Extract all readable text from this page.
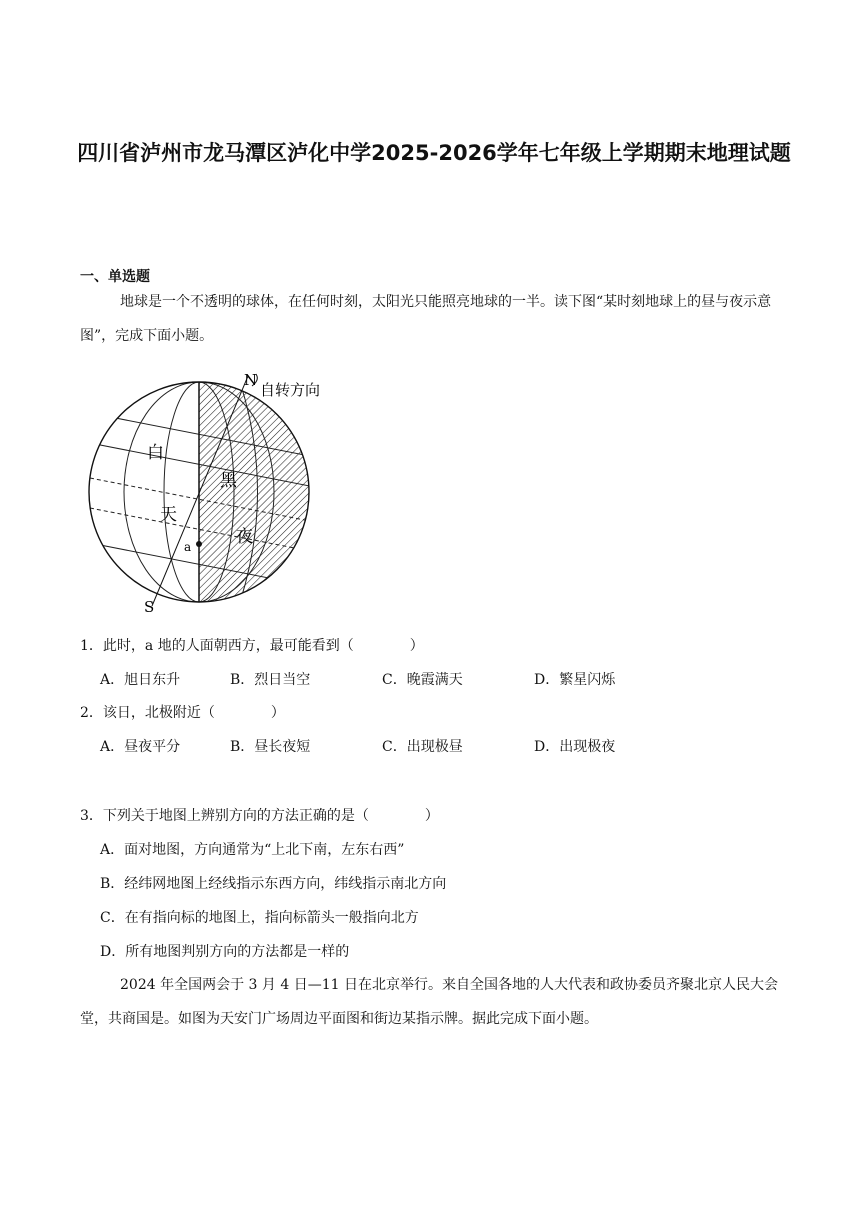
四川省泸州市龙马潭区泸化中学2025-2026学年七年级上学期期末地理试题
一、单选题
地球是一个不透明的球体，在任何时刻，太阳光只能照亮地球的一半。读下图“某时刻地球上的昼与夜示意图”，完成下面小题。
N
自转方向
白
天
黑
夜
a
S
1．此时，a 地的人面朝西方，最可能看到（　　　　）
A．旭日东升	B．烈日当空	C．晚霞满天	D．繁星闪烁
2．该日，北极附近（　　　　）
A．昼夜平分	B．昼长夜短	C．出现极昼	D．出现极夜
3．下列关于地图上辨别方向的方法正确的是（　　　　）
A．面对地图，方向通常为“上北下南，左东右西”
B．经纬网地图上经线指示东西方向，纬线指示南北方向
C．在有指向标的地图上，指向标箭头一般指向北方
D．所有地图判别方向的方法都是一样的
2024 年全国两会于 3 月 4 日—11 日在北京举行。来自全国各地的人大代表和政协委员齐聚北京人民大会堂，共商国是。如图为天安门广场周边平面图和街边某指示牌。据此完成下面小题。
